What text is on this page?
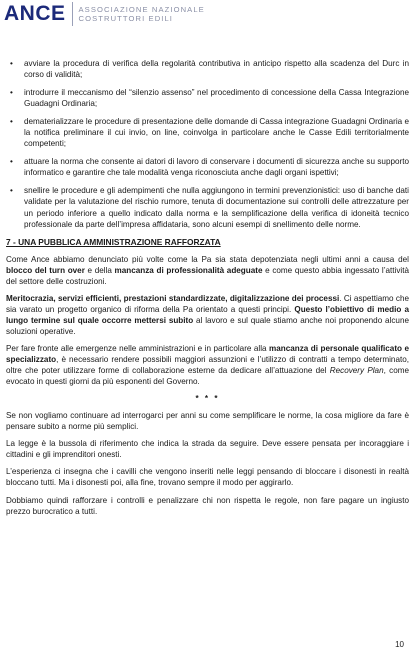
ANCE	ASSOCIAZIONE NAZIONALE
COSTRUTTORI EDILI
• avviare la procedura di verifica della regolarità contributiva in anticipo rispetto alla scadenza del Durc in corso di validità;
• introdurre il meccanismo del “silenzio assenso” nel procedimento di concessione della Cassa Integrazione Guadagni Ordinaria;
• dematerializzare le procedure di presentazione delle domande di Cassa integrazione Guadagni Ordinaria e la notifica preliminare il cui invio, on line, coinvolga in particolare anche le Casse Edili territorialmente competenti;
• attuare la norma che consente ai datori di lavoro di conservare i documenti di sicurezza anche su supporto informatico e garantire che tale modalità venga riconosciuta anche dagli organi ispettivi;
• snellire le procedure e gli adempimenti che nulla aggiungono in termini prevenzionistici: uso di banche dati validate per la valutazione del rischio rumore, tenuta di documentazione sui controlli delle attrezzature per un periodo inferiore a quello indicato dalla norma e la semplificazione della verifica di idoneità tecnico professionale da parte dell’impresa affidataria, sono alcuni esempi di snellimento delle norme.
7 - UNA PUBBLICA AMMINISTRAZIONE RAFFORZATA

Come Ance abbiamo denunciato più volte come la Pa sia stata depotenziata negli ultimi anni a causa del blocco del turn over e della mancanza di professionalità adeguate e come questo abbia ingessato l’attività del settore delle costruzioni.

Meritocrazia, servizi efficienti, prestazioni standardizzate, digitalizzazione dei processi. Ci aspettiamo che sia varato un progetto organico di riforma della Pa orientato a questi principi. Questo l’obiettivo di medio a lungo termine sul quale occorre mettersi subito al lavoro e sul quale stiamo anche noi proponendo alcune soluzioni operative.

Per fare fronte alle emergenze nelle amministrazioni e in particolare alla mancanza di personale qualificato e specializzato, è necessario rendere possibili maggiori assunzioni e l’utilizzo di contratti a tempo determinato, oltre che poter utilizzare forme di collaborazione esterne da dedicare all’attuazione del Recovery Plan, come evocato in questi giorni da più esponenti del Governo.

* * *

Se non vogliamo continuare ad interrogarci per anni su come semplificare le norme, la cosa migliore da fare è pensare subito a norme più semplici.

La legge è la bussola di riferimento che indica la strada da seguire. Deve essere pensata per incoraggiare i cittadini e gli imprenditori onesti.

L’esperienza ci insegna che i cavilli che vengono inseriti nelle leggi pensando di bloccare i disonesti in realtà bloccano tutti. Ma i disonesti poi, alla fine, trovano sempre il modo per aggirarlo.

Dobbiamo quindi rafforzare i controlli e penalizzare chi non rispetta le regole, non fare pagare un ingiusto prezzo burocratico a tutti.

10
